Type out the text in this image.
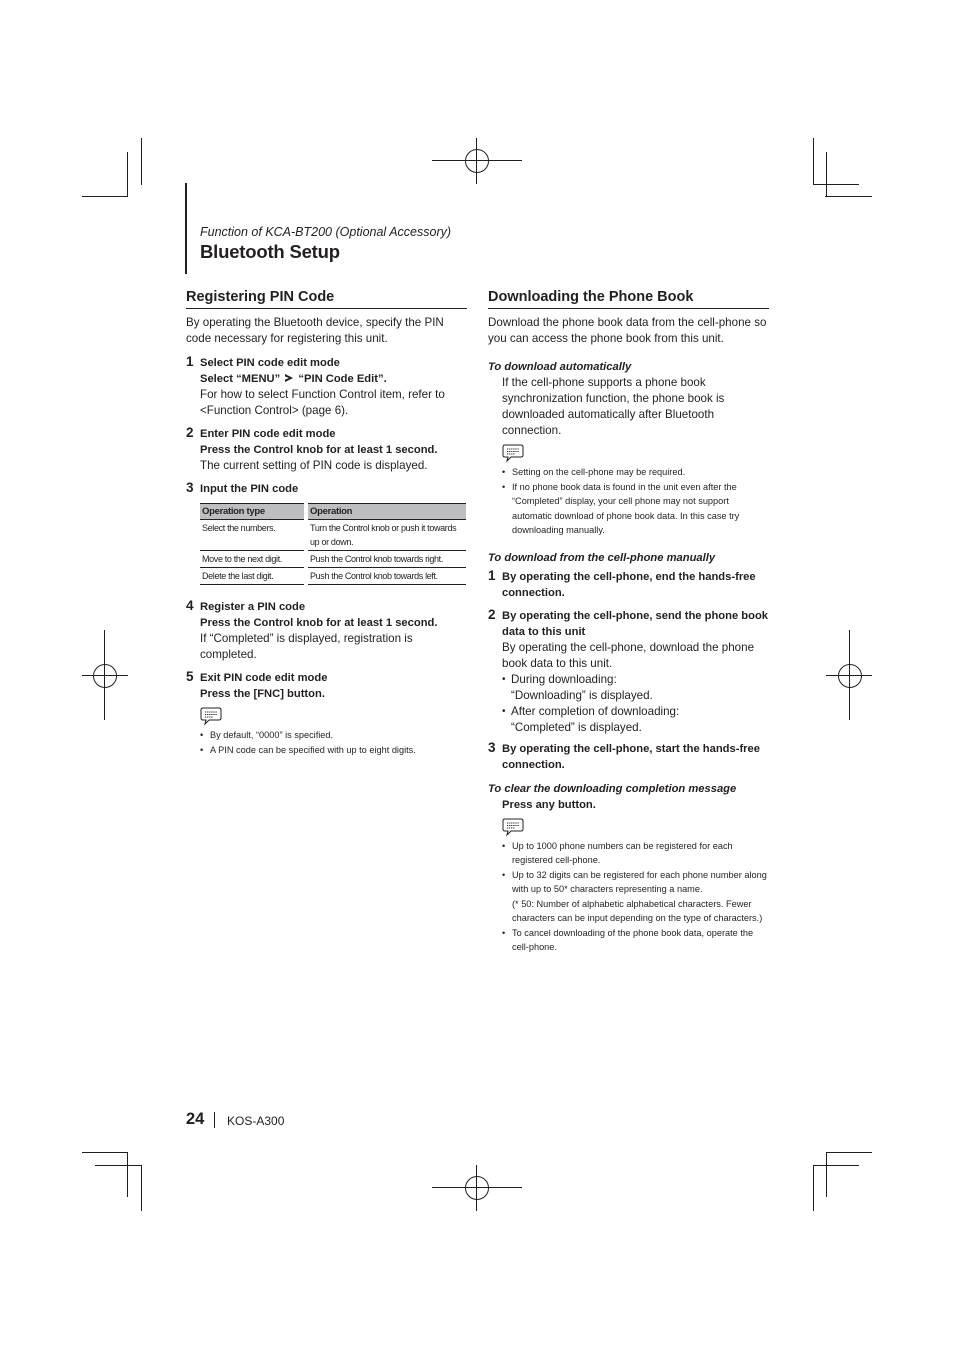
Function of KCA-BT200 (Optional Accessory)
Bluetooth Setup
Registering PIN Code

By operating the Bluetooth device, specify the PIN code necessary for registering this unit.

1 Select PIN code edit mode
Select “MENU” “PIN Code Edit”.

For how to select Function Control item, refer to <Function Control> (page 6).

2 Enter PIN code edit mode
Press the Control knob for at least 1 second.

The current setting of PIN code is displayed.

3 Input the PIN code
Operation type	Operation
Select the numbers.	Turn the Control knob or push it towards up or down.
Move to the next digit.	Push the Control knob towards right.
Delete the last digit.	Push the Control knob towards left.
4 Register a PIN code
Press the Control knob for at least 1 second.

If “Completed” is displayed, registration is completed.

5 Exit PIN code edit mode
Press the [FNC] button.
• By default, “0000” is specified.
• A PIN code can be specified with up to eight digits.
Downloading the Phone Book

Download the phone book data from the cell-phone so you can access the phone book from this unit.

To download automatically

If the cell-phone supports a phone book synchronization function, the phone book is downloaded automatically after Bluetooth connection.

• Setting on the cell-phone may be required.
• If no phone book data is found in the unit even after the “Completed” display, your cell phone may not support automatic download of phone book data. In this case try downloading manually.
To download from the cell-phone manually
1 By operating the cell-phone, end the hands-free connection.
2 By operating the cell-phone, send the phone book data to this unit

By operating the cell-phone, download the phone book data to this unit.

• During downloading:
“Downloading” is displayed.
• After completion of downloading:
“Completed” is displayed.
3 By operating the cell-phone, start the hands-free connection.
To clear the downloading completion message
Press any button.
• Up to 1000 phone numbers can be registered for each registered cell-phone.
• Up to 32 digits can be registered for each phone number along with up to 50* characters representing a name.
(* 50: Number of alphabetic alphabetical characters. Fewer characters can be input depending on the type of characters.)
• To cancel downloading of the phone book data, operate the cell-phone.
24 KOS-A300
